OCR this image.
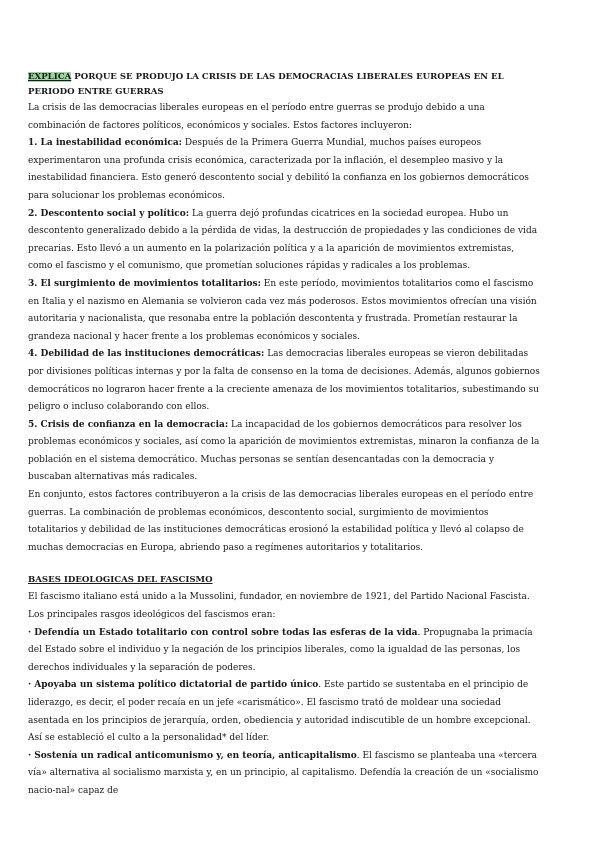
EXPLICA PORQUE SE PRODUJO LA CRISIS DE LAS DEMOCRACIAS LIBERALES EUROPEAS EN EL PERIODO ENTRE GUERRAS

La crisis de las democracias liberales europeas en el período entre guerras se produjo debido a una combinación de factores políticos, económicos y sociales. Estos factores incluyeron:

1. La inestabilidad económica: Después de la Primera Guerra Mundial, muchos países europeos experimentaron una profunda crisis económica, caracterizada por la inflación, el desempleo masivo y la inestabilidad financiera. Esto generó descontento social y debilitó la confianza en los gobiernos democráticos para solucionar los problemas económicos.

2. Descontento social y político: La guerra dejó profundas cicatrices en la sociedad europea. Hubo un descontento generalizado debido a la pérdida de vidas, la destrucción de propiedades y las condiciones de vida precarias. Esto llevó a un aumento en la polarización política y a la aparición de movimientos extremistas, como el fascismo y el comunismo, que prometían soluciones rápidas y radicales a los problemas.

3. El surgimiento de movimientos totalitarios: En este período, movimientos totalitarios como el fascismo en Italia y el nazismo en Alemania se volvieron cada vez más poderosos. Estos movimientos ofrecían una visión autoritaria y nacionalista, que resonaba entre la población descontenta y frustrada. Prometían restaurar la grandeza nacional y hacer frente a los problemas económicos y sociales.

4. Debilidad de las instituciones democráticas: Las democracias liberales europeas se vieron debilitadas por divisiones políticas internas y por la falta de consenso en la toma de decisiones. Además, algunos gobiernos democráticos no lograron hacer frente a la creciente amenaza de los movimientos totalitarios, subestimando su peligro o incluso colaborando con ellos.

5. Crisis de confianza en la democracia: La incapacidad de los gobiernos democráticos para resolver los problemas económicos y sociales, así como la aparición de movimientos extremistas, minaron la confianza de la población en el sistema democrático. Muchas personas se sentían desencantadas con la democracia y buscaban alternativas más radicales.

En conjunto, estos factores contribuyeron a la crisis de las democracias liberales europeas en el período entre guerras. La combinación de problemas económicos, descontento social, surgimiento de movimientos totalitarios y debilidad de las instituciones democráticas erosionó la estabilidad política y llevó al colapso de muchas democracias en Europa, abriendo paso a regímenes autoritarios y totalitarios.

BASES IDEOLOGICAS DEL FASCISMO

El fascismo italiano está unido a la Mussolini, fundador, en noviembre de 1921, del Partido Nacional Fascista. Los principales rasgos ideológicos del fascismos eran:

· Defendía un Estado totalitario con control sobre todas las esferas de la vida. Propugnaba la primacía del Estado sobre el individuo y la negación de los principios liberales, como la igualdad de las personas, los derechos individuales y la separación de poderes.

· Apoyaba un sistema político dictatorial de partido único. Este partido se sustentaba en el principio de liderazgo, es decir, el poder recaía en un jefe «carismático». El fascismo trató de moldear una sociedad asentada en los principios de jerarquía, orden, obediencia y autoridad indiscutible de un hombre excepcional. Así se estableció el culto a la personalidad* del líder.

· Sostenía un radical anticomunismo y, en teoría, anticapitalismo. El fascismo se planteaba una «tercera vía» alternativa al socialismo marxista y, en un principio, al capitalismo. Defendía la creación de un «socialismo nacio-nal» capaz de
